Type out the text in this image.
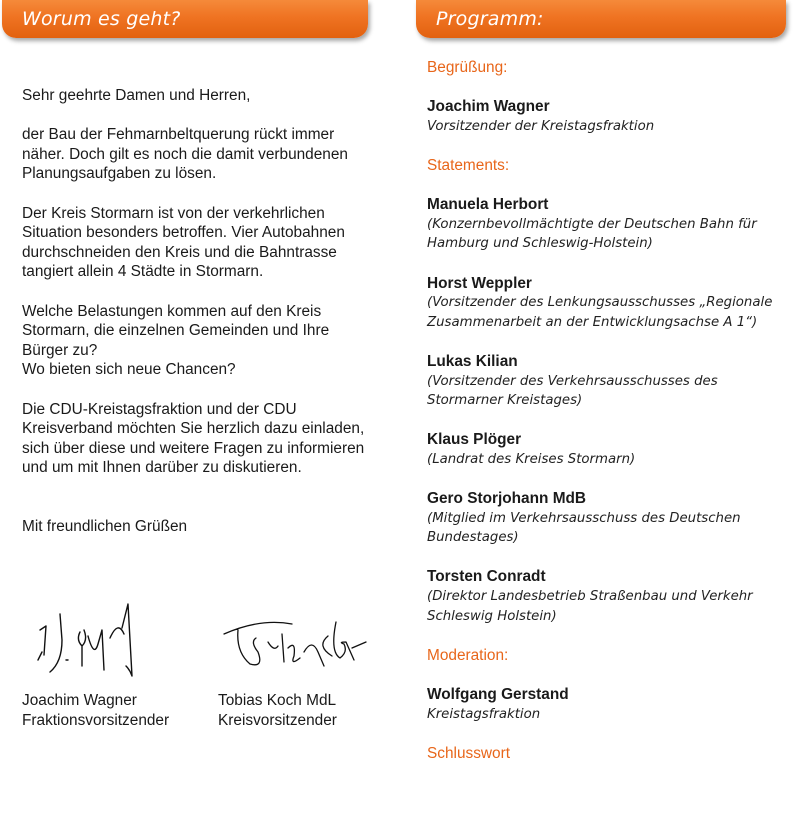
Worum es geht?

Sehr geehrte Damen und Herren,

der Bau der Fehmarnbeltquerung rückt immer näher. Doch gilt es noch die damit verbundenen Planungsaufgaben zu lösen.

Der Kreis Stormarn ist von der verkehrlichen Situation besonders betroffen. Vier Autobahnen durchschneiden den Kreis und die Bahntrasse tangiert allein 4 Städte in Stormarn.

Welche Belastungen kommen auf den Kreis Stormarn, die einzelnen Gemeinden und Ihre Bürger zu?

Wo bieten sich neue Chancen?

Die CDU-Kreistagsfraktion und der CDU Kreisverband möchten Sie herzlich dazu einladen, sich über diese und weitere Fragen zu informieren und um mit Ihnen darüber zu diskutieren.

Mit freundlichen Grüßen

Joachim Wagner
Fraktionsvorsitzender
Tobias Koch MdL
Kreisvorsitzender
Programm:
Begrüßung:
Joachim Wagner
Vorsitzender der Kreistagsfraktion
Statements:
Manuela Herbort
(Konzernbevollmächtigte der Deutschen Bahn für Hamburg und Schleswig-Holstein)
Horst Weppler
(Vorsitzender des Lenkungsausschusses „Regionale Zusammenarbeit an der Entwicklungsachse A 1“)
Lukas Kilian
(Vorsitzender des Verkehrsausschusses des Stormarner Kreistages)
Klaus Plöger
(Landrat des Kreises Stormarn)
Gero Storjohann MdB
(Mitglied im Verkehrsausschuss des Deutschen Bundestages)
Torsten Conradt
(Direktor Landesbetrieb Straßenbau und Verkehr Schleswig Holstein)
Moderation:
Wolfgang Gerstand
Kreistagsfraktion
Schlusswort
